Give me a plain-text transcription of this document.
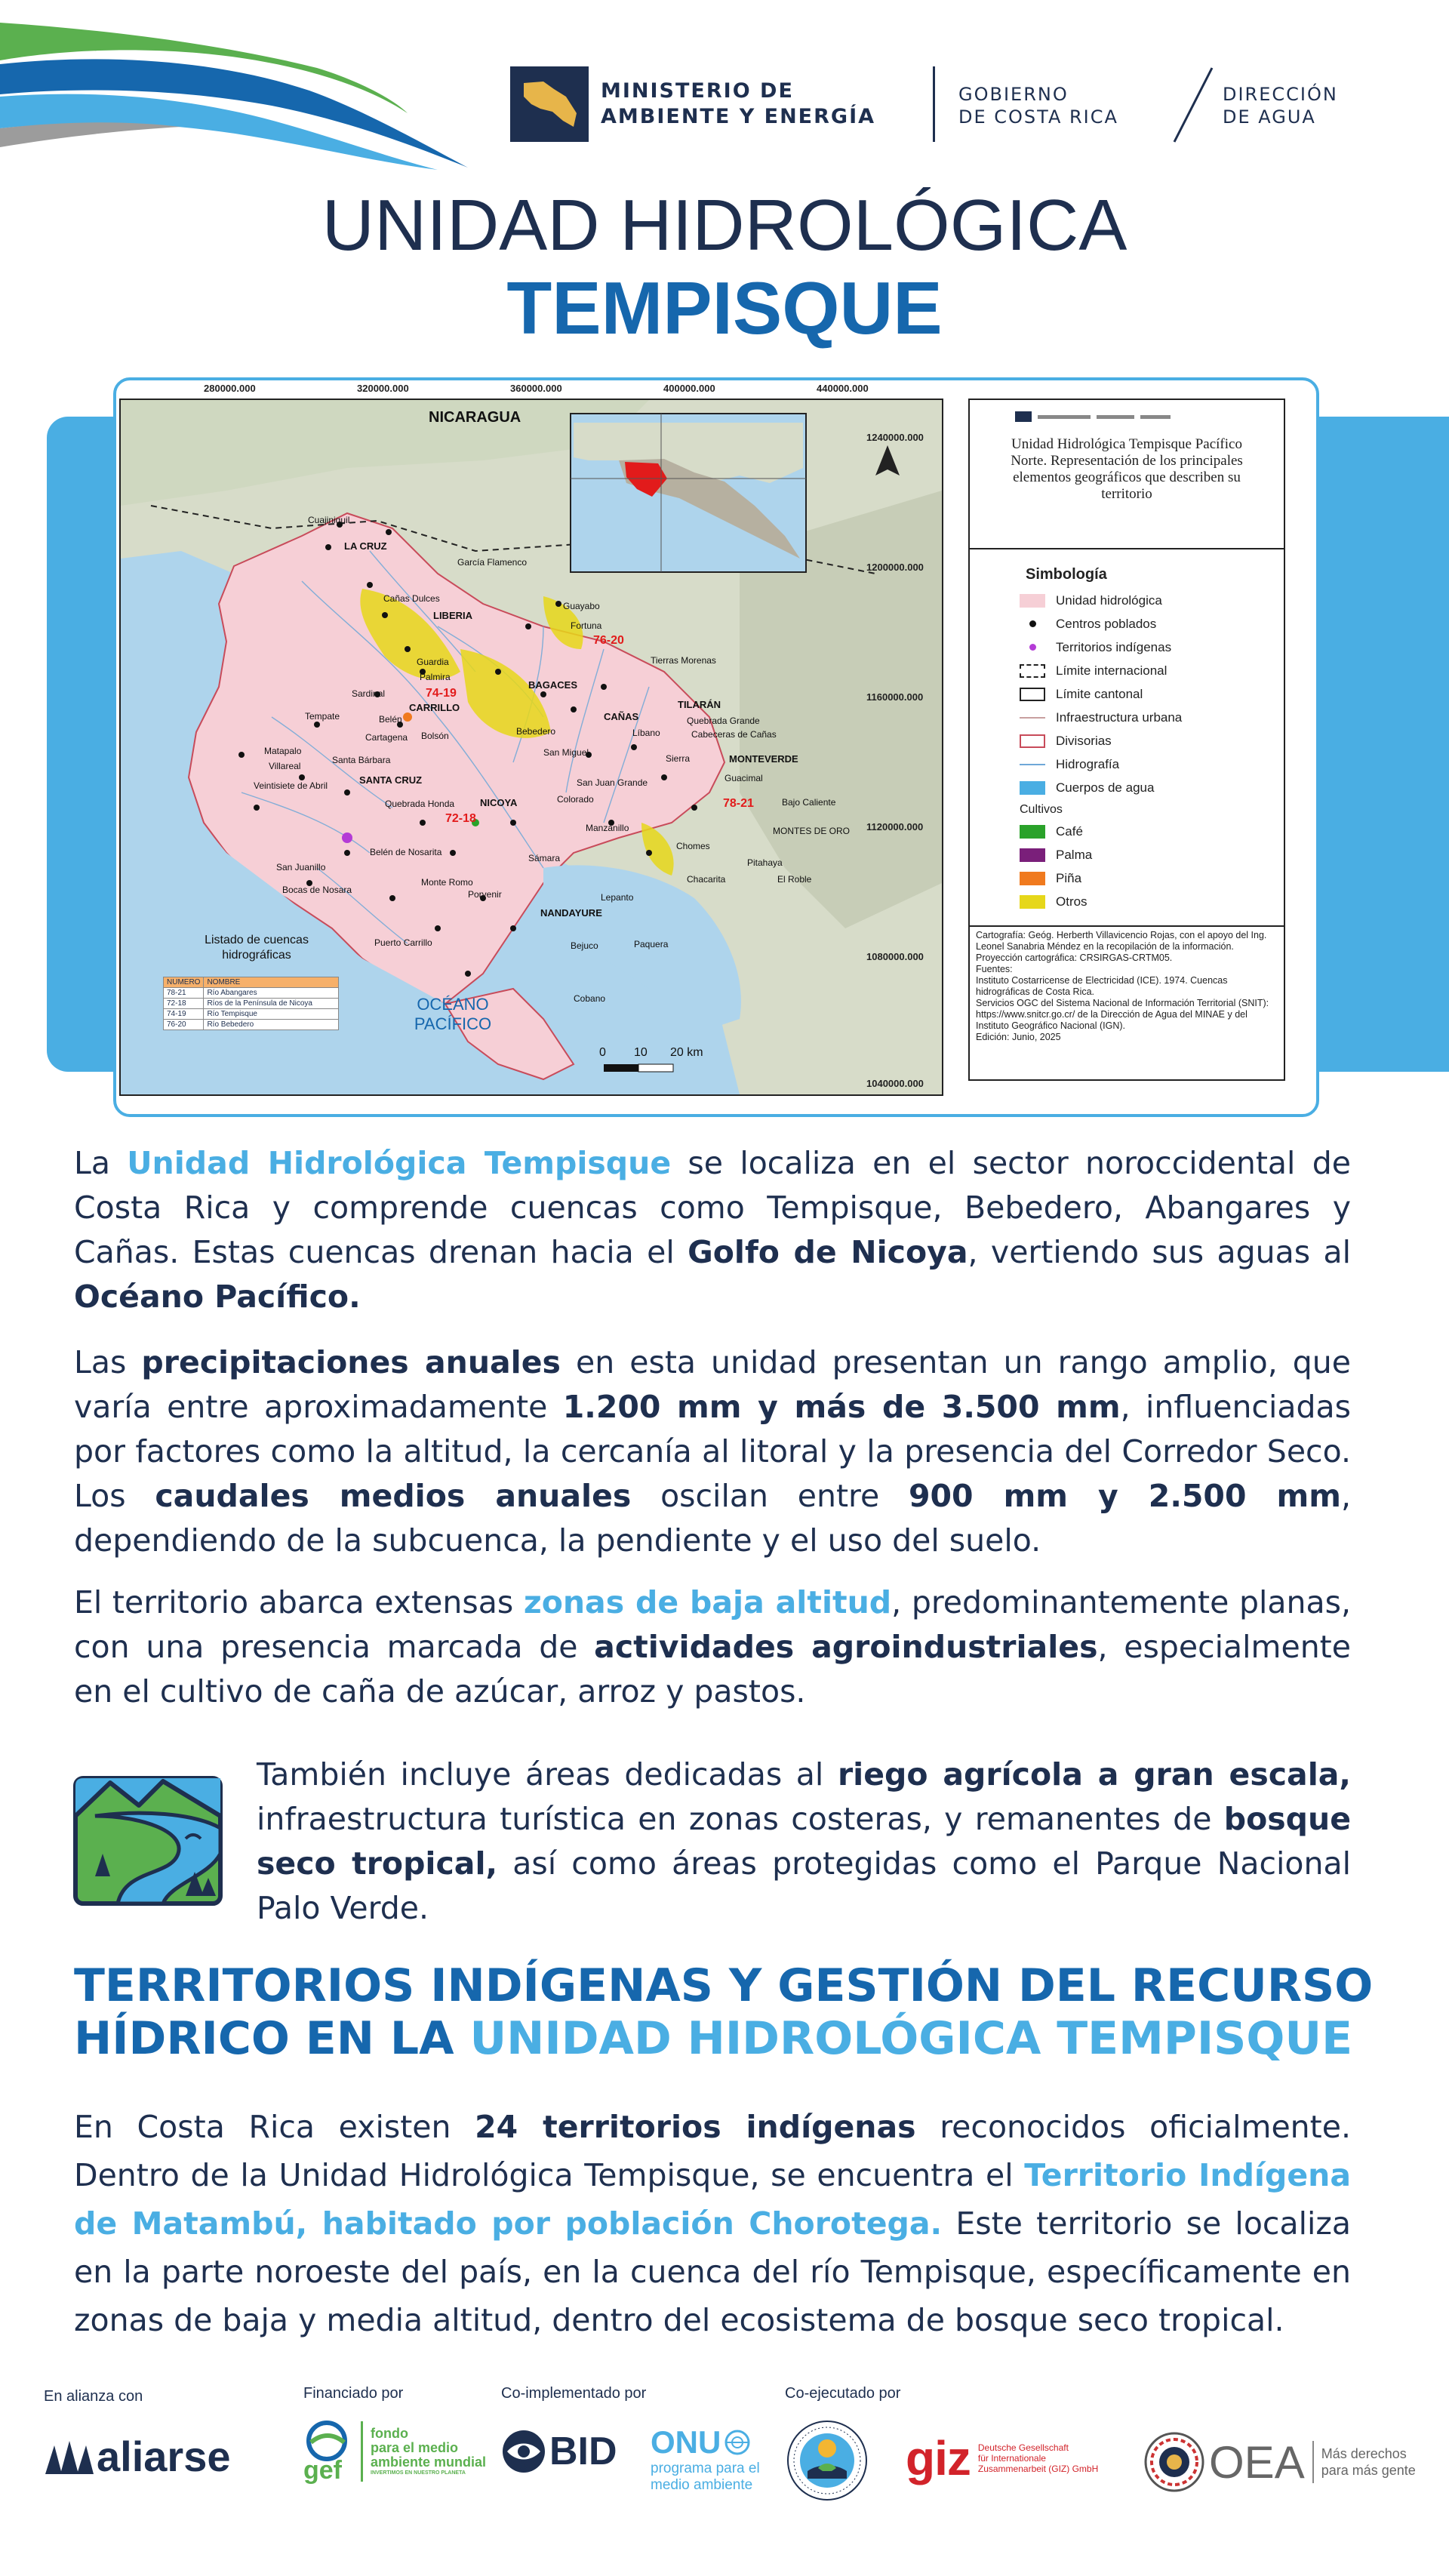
MINISTERIO DE
AMBIENTE Y ENERGÍA
GOBIERNO
DE COSTA RICA
DIRECCIÓN
DE AGUA
UNIDAD HIDROLÓGICA
TEMPISQUE
280000.000	320000.000	360000.000	400000.000	440000.000
NICARAGUA
OCÉANO
PACÍFICO
0 10 20 km
Cuajiniquil
LA CRUZ
García Flamenco
Cañas Dulces
LIBERIA
Guardia
Palmira
CARRILLO
Sardinal
Belén
Bolsón
BAGACES
Guayabo
Fortuna
Tierras Morenas
CAÑAS
TILARÁN
Bebedero	Líbano
Quebrada Grande
Cabeceras de Cañas
Tempate
Cartagena
Matapalo
Villareal
Veintisiete de Abril
Santa Bárbara
SANTA CRUZ
San Miguel
San Juan Grande
MONTEVERDE
Sierra
Guacimal
Bajo Caliente
Quebrada Honda	NICOYA	Colorado
Manzanillo	MONTES DE ORO
San Juanillo
Bocas de Nosara
Belén de Nosarita
Sámara
Monte Romo
Porvenir	Lepanto
NANDAYURE
Chomes
Chacarita
Pitahaya
El Roble
Puerto Carrillo	Bejuco	Paquera
Cobano
74-19
76-20
72-18
78-21
Listado de cuencas hidrográficas
NUMERO	NOMBRE
78-21	Río Abangares
72-18	Ríos de la Península de Nicoya
74-19	Río Tempisque
76-20	Río Bebedero
1240000.000
1200000.000
1160000.000
1120000.000
1080000.000
1040000.000
Unidad Hidrológica Tempisque Pacífico Norte. Representación de los principales elementos geográficos que describen su territorio
Simbología
Unidad hidrológica
Centros poblados
Territorios indígenas
Límite internacional
Límite cantonal
Infraestructura urbana
Divisorias
Hidrografía
Cuerpos de agua
Cultivos
Café
Palma
Piña
Otros
Cartografía: Geóg. Herberth Villavicencio Rojas, con el apoyo del Ing. Leonel Sanabria Méndez en la recopilación de la información.
Proyección cartográfica: CRSIRGAS-CRTM05.
Fuentes:
Instituto Costarricense de Electricidad (ICE). 1974. Cuencas hidrográficas de Costa Rica.
Servicios OGC del Sistema Nacional de Información Territorial (SNIT): https://www.snitcr.go.cr/ de la Dirección de Agua del MINAE y del Instituto Geográfico Nacional (IGN).
Edición: Junio, 2025
La Unidad Hidrológica Tempisque se localiza en el sector noroccidental de Costa Rica y comprende cuencas como Tempisque, Bebedero, Abangares y Cañas. Estas cuencas drenan hacia el Golfo de Nicoya, vertiendo sus aguas al Océano Pacífico.
Las precipitaciones anuales en esta unidad presentan un rango amplio, que varía entre aproximadamente 1.200 mm y más de 3.500 mm, influenciadas por factores como la altitud, la cercanía al litoral y la presencia del Corredor Seco. Los caudales medios anuales oscilan entre 900 mm y 2.500 mm, dependiendo de la subcuenca, la pendiente y el uso del suelo.
El territorio abarca extensas zonas de baja altitud, predominantemente planas, con una presencia marcada de actividades agroindustriales, especialmente en el cultivo de caña de azúcar, arroz y pastos.
También incluye áreas dedicadas al riego agrícola a gran escala, infraestructura turística en zonas costeras, y remanentes de bosque seco tropical, así como áreas protegidas como el Parque Nacional Palo Verde.
TERRITORIOS INDÍGENAS Y GESTIÓN DEL RECURSO
HÍDRICO EN LA UNIDAD HIDROLÓGICA TEMPISQUE
En Costa Rica existen 24 territorios indígenas reconocidos oficialmente. Dentro de la Unidad Hidrológica Tempisque, se encuentra el Territorio Indígena de Matambú, habitado por población Chorotega. Este territorio se localiza en la parte noroeste del país, en la cuenca del río Tempisque, específicamente en zonas de baja y media altitud, dentro del ecosistema de bosque seco tropical.
En alianza con	Financiado por	Co-implementado por	Co-ejecutado por
aliarse	gef
fondo
para el medio
ambiente mundial
INVERTIMOS EN NUESTRO PLANETA	BID ONU
programa para el
medio ambiente	giz Deutsche Gesellschaft
für Internationale
Zusammenarbeit (GIZ) GmbH OEA Más derechos
para más gente
